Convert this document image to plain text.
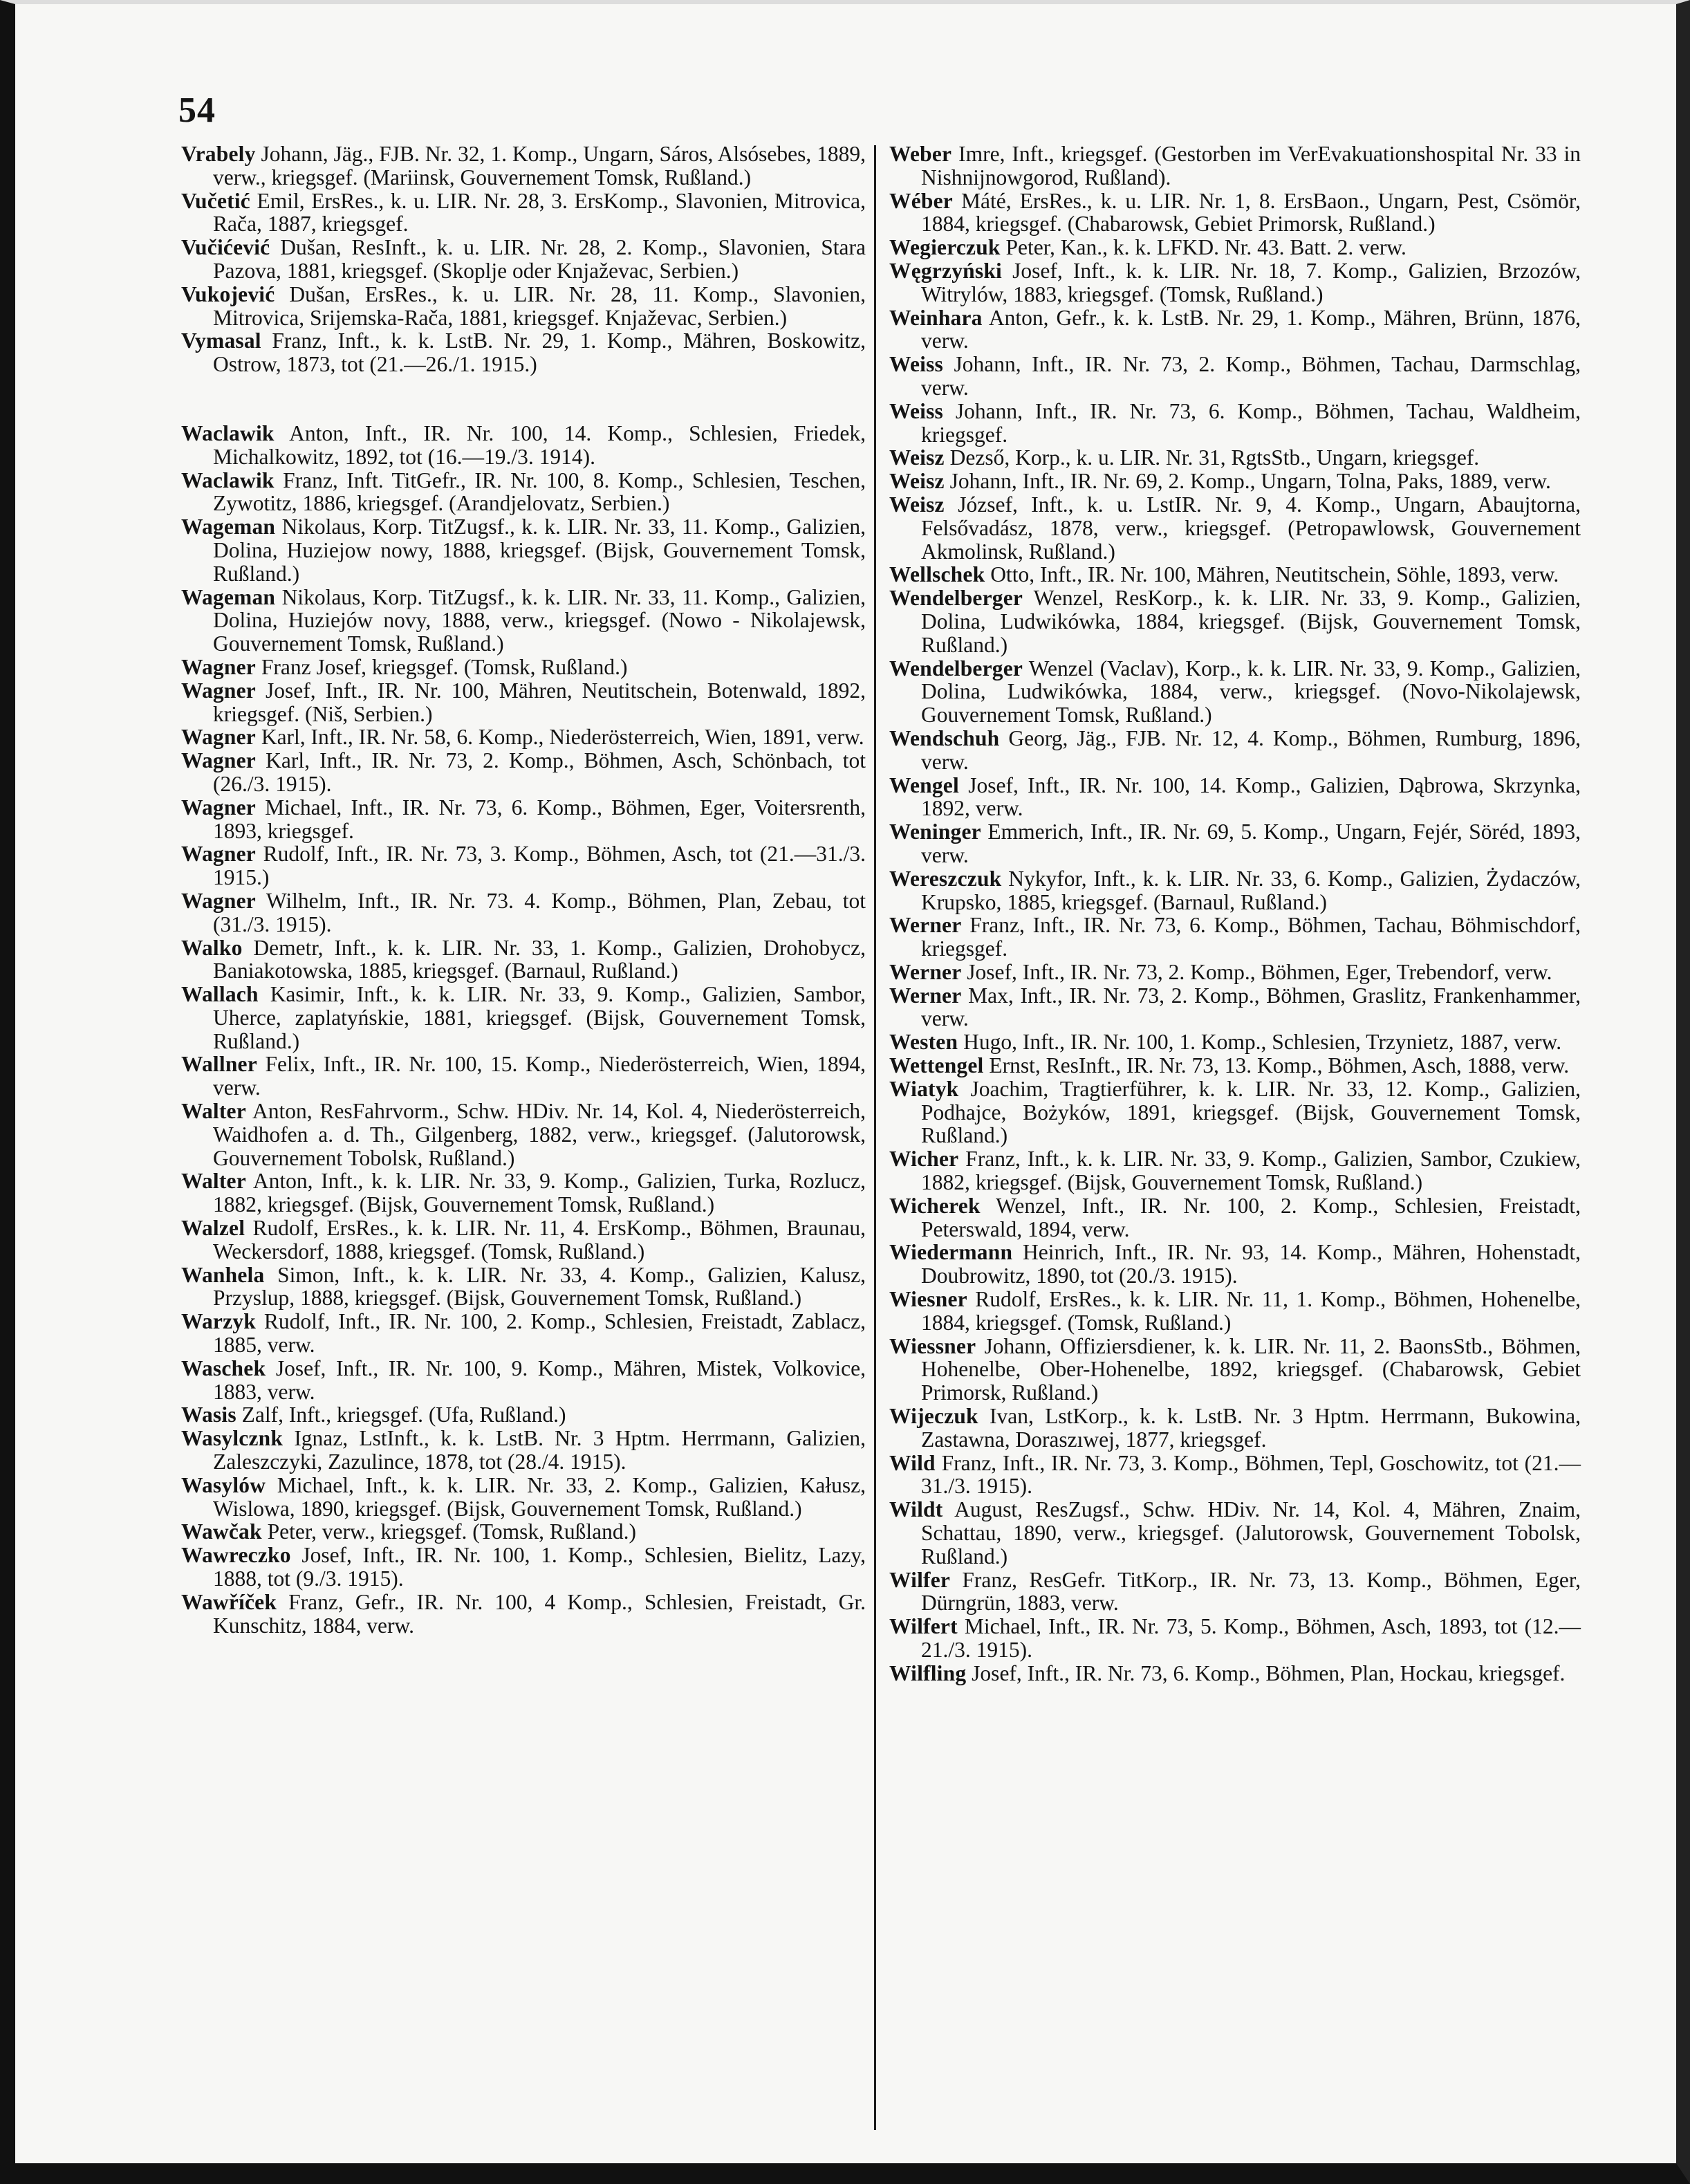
54

Vrabely Johann, Jäg., FJB. Nr. 32, 1. Komp., Ungarn, Sáros, Alsósebes, 1889, verw., kriegsgef. (Mariinsk, Gouvernement Tomsk, Rußland.)

Vučetić Emil, ErsRes., k. u. LIR. Nr. 28, 3. ErsKomp., Slavonien, Mitrovica, Rača, 1887, kriegsgef.

Vučićević Dušan, ResInft., k. u. LIR. Nr. 28, 2. Komp., Slavonien, Stara Pazova, 1881, kriegsgef. (Skoplje oder Knjaževac, Serbien.)

Vukojević Dušan, ErsRes., k. u. LIR. Nr. 28, 11. Komp., Slavonien, Mitrovica, Srijemska-Rača, 1881, kriegsgef. Knjaževac, Serbien.)

Vymasal Franz, Inft., k. k. LstB. Nr. 29, 1. Komp., Mähren, Boskowitz, Ostrow, 1873, tot (21.—26./1. 1915.)

Waclawik Anton, Inft., IR. Nr. 100, 14. Komp., Schlesien, Friedek, Michalkowitz, 1892, tot (16.—19./3. 1914).

Waclawik Franz, Inft. TitGefr., IR. Nr. 100, 8. Komp., Schlesien, Teschen, Zywotitz, 1886, kriegsgef. (Arandjelovatz, Serbien.)

Wageman Nikolaus, Korp. TitZugsf., k. k. LIR. Nr. 33, 11. Komp., Galizien, Dolina, Huziejow nowy, 1888, kriegsgef. (Bijsk, Gouvernement Tomsk, Rußland.)

Wageman Nikolaus, Korp. TitZugsf., k. k. LIR. Nr. 33, 11. Komp., Galizien, Dolina, Huziejów novy, 1888, verw., kriegsgef. (Nowo - Nikolajewsk, Gouvernement Tomsk, Rußland.)

Wagner Franz Josef, kriegsgef. (Tomsk, Rußland.)

Wagner Josef, Inft., IR. Nr. 100, Mähren, Neutitschein, Botenwald, 1892, kriegsgef. (Niš, Serbien.)

Wagner Karl, Inft., IR. Nr. 58, 6. Komp., Niederösterreich, Wien, 1891, verw.

Wagner Karl, Inft., IR. Nr. 73, 2. Komp., Böhmen, Asch, Schönbach, tot (26./3. 1915).

Wagner Michael, Inft., IR. Nr. 73, 6. Komp., Böhmen, Eger, Voitersrenth, 1893, kriegsgef.

Wagner Rudolf, Inft., IR. Nr. 73, 3. Komp., Böhmen, Asch, tot (21.—31./3. 1915.)

Wagner Wilhelm, Inft., IR. Nr. 73. 4. Komp., Böhmen, Plan, Zebau, tot (31./3. 1915).

Walko Demetr, Inft., k. k. LIR. Nr. 33, 1. Komp., Galizien, Drohobycz, Baniakotowska, 1885, kriegsgef. (Barnaul, Rußland.)

Wallach Kasimir, Inft., k. k. LIR. Nr. 33, 9. Komp., Galizien, Sambor, Uherce, zaplatyńskie, 1881, kriegsgef. (Bijsk, Gouvernement Tomsk, Rußland.)

Wallner Felix, Inft., IR. Nr. 100, 15. Komp., Niederösterreich, Wien, 1894, verw.

Walter Anton, ResFahrvorm., Schw. HDiv. Nr. 14, Kol. 4, Niederösterreich, Waidhofen a. d. Th., Gilgenberg, 1882, verw., kriegsgef. (Jalutorowsk, Gouvernement Tobolsk, Rußland.)

Walter Anton, Inft., k. k. LIR. Nr. 33, 9. Komp., Galizien, Turka, Rozlucz, 1882, kriegsgef. (Bijsk, Gouvernement Tomsk, Rußland.)

Walzel Rudolf, ErsRes., k. k. LIR. Nr. 11, 4. ErsKomp., Böhmen, Braunau, Weckersdorf, 1888, kriegsgef. (Tomsk, Rußland.)

Wanhela Simon, Inft., k. k. LIR. Nr. 33, 4. Komp., Galizien, Kalusz, Przyslup, 1888, kriegsgef. (Bijsk, Gouvernement Tomsk, Rußland.)

Warzyk Rudolf, Inft., IR. Nr. 100, 2. Komp., Schlesien, Freistadt, Zablacz, 1885, verw.

Waschek Josef, Inft., IR. Nr. 100, 9. Komp., Mähren, Mistek, Volkovice, 1883, verw.

Wasis Zalf, Inft., kriegsgef. (Ufa, Rußland.)

Wasylcznk Ignaz, LstInft., k. k. LstB. Nr. 3 Hptm. Herrmann, Galizien, Zaleszczyki, Zazulince, 1878, tot (28./4. 1915).

Wasylów Michael, Inft., k. k. LIR. Nr. 33, 2. Komp., Galizien, Kałusz, Wislowa, 1890, kriegsgef. (Bijsk, Gouvernement Tomsk, Rußland.)

Wawčak Peter, verw., kriegsgef. (Tomsk, Rußland.)

Wawreczko Josef, Inft., IR. Nr. 100, 1. Komp., Schlesien, Bielitz, Lazy, 1888, tot (9./3. 1915).

Wawříček Franz, Gefr., IR. Nr. 100, 4 Komp., Schlesien, Freistadt, Gr. Kunschitz, 1884, verw.

Weber Imre, Inft., kriegsgef. (Gestorben im VerEvakuationshospital Nr. 33 in Nishnijnowgorod, Rußland).

Wéber Máté, ErsRes., k. u. LIR. Nr. 1, 8. ErsBaon., Ungarn, Pest, Csömör, 1884, kriegsgef. (Chabarowsk, Gebiet Primorsk, Rußland.)

Wegierczuk Peter, Kan., k. k. LFKD. Nr. 43. Batt. 2. verw.

Węgrzyński Josef, Inft., k. k. LIR. Nr. 18, 7. Komp., Galizien, Brzozów, Witrylów, 1883, kriegsgef. (Tomsk, Rußland.)

Weinhara Anton, Gefr., k. k. LstB. Nr. 29, 1. Komp., Mähren, Brünn, 1876, verw.

Weiss Johann, Inft., IR. Nr. 73, 2. Komp., Böhmen, Tachau, Darmschlag, verw.

Weiss Johann, Inft., IR. Nr. 73, 6. Komp., Böhmen, Tachau, Waldheim, kriegsgef.

Weisz Dezső, Korp., k. u. LIR. Nr. 31, RgtsStb., Ungarn, kriegsgef.

Weisz Johann, Inft., IR. Nr. 69, 2. Komp., Ungarn, Tolna, Paks, 1889, verw.

Weisz József, Inft., k. u. LstIR. Nr. 9, 4. Komp., Ungarn, Abaujtorna, Felsővadász, 1878, verw., kriegsgef. (Petropawlowsk, Gouvernement Akmolinsk, Rußland.)

Wellschek Otto, Inft., IR. Nr. 100, Mähren, Neutitschein, Söhle, 1893, verw.

Wendelberger Wenzel, ResKorp., k. k. LIR. Nr. 33, 9. Komp., Galizien, Dolina, Ludwikówka, 1884, kriegsgef. (Bijsk, Gouvernement Tomsk, Rußland.)

Wendelberger Wenzel (Vaclav), Korp., k. k. LIR. Nr. 33, 9. Komp., Galizien, Dolina, Ludwikówka, 1884, verw., kriegsgef. (Novo-Nikolajewsk, Gouvernement Tomsk, Rußland.)

Wendschuh Georg, Jäg., FJB. Nr. 12, 4. Komp., Böhmen, Rumburg, 1896, verw.

Wengel Josef, Inft., IR. Nr. 100, 14. Komp., Galizien, Dąbrowa, Skrzynka, 1892, verw.

Weninger Emmerich, Inft., IR. Nr. 69, 5. Komp., Ungarn, Fejér, Söréd, 1893, verw.

Wereszczuk Nykyfor, Inft., k. k. LIR. Nr. 33, 6. Komp., Galizien, Żydaczów, Krupsko, 1885, kriegsgef. (Barnaul, Rußland.)

Werner Franz, Inft., IR. Nr. 73, 6. Komp., Böhmen, Tachau, Böhmischdorf, kriegsgef.

Werner Josef, Inft., IR. Nr. 73, 2. Komp., Böhmen, Eger, Trebendorf, verw.

Werner Max, Inft., IR. Nr. 73, 2. Komp., Böhmen, Graslitz, Frankenhammer, verw.

Westen Hugo, Inft., IR. Nr. 100, 1. Komp., Schlesien, Trzynietz, 1887, verw.

Wettengel Ernst, ResInft., IR. Nr. 73, 13. Komp., Böhmen, Asch, 1888, verw.

Wiatyk Joachim, Tragtierführer, k. k. LIR. Nr. 33, 12. Komp., Galizien, Podhajce, Bożyków, 1891, kriegsgef. (Bijsk, Gouvernement Tomsk, Rußland.)

Wicher Franz, Inft., k. k. LIR. Nr. 33, 9. Komp., Galizien, Sambor, Czukiew, 1882, kriegsgef. (Bijsk, Gouvernement Tomsk, Rußland.)

Wicherek Wenzel, Inft., IR. Nr. 100, 2. Komp., Schlesien, Freistadt, Peterswald, 1894, verw.

Wiedermann Heinrich, Inft., IR. Nr. 93, 14. Komp., Mähren, Hohenstadt, Doubrowitz, 1890, tot (20./3. 1915).

Wiesner Rudolf, ErsRes., k. k. LIR. Nr. 11, 1. Komp., Böhmen, Hohenelbe, 1884, kriegsgef. (Tomsk, Rußland.)

Wiessner Johann, Offiziersdiener, k. k. LIR. Nr. 11, 2. BaonsStb., Böhmen, Hohenelbe, Ober-Hohenelbe, 1892, kriegsgef. (Chabarowsk, Gebiet Primorsk, Rußland.)

Wijeczuk Ivan, LstKorp., k. k. LstB. Nr. 3 Hptm. Herrmann, Bukowina, Zastawna, Doraszıwej, 1877, kriegsgef.

Wild Franz, Inft., IR. Nr. 73, 3. Komp., Böhmen, Tepl, Goschowitz, tot (21.—31./3. 1915).

Wildt August, ResZugsf., Schw. HDiv. Nr. 14, Kol. 4, Mähren, Znaim, Schattau, 1890, verw., kriegsgef. (Jalutorowsk, Gouvernement Tobolsk, Rußland.)

Wilfer Franz, ResGefr. TitKorp., IR. Nr. 73, 13. Komp., Böhmen, Eger, Dürngrün, 1883, verw.

Wilfert Michael, Inft., IR. Nr. 73, 5. Komp., Böhmen, Asch, 1893, tot (12.—21./3. 1915).

Wilfling Josef, Inft., IR. Nr. 73, 6. Komp., Böhmen, Plan, Hockau, kriegsgef.
